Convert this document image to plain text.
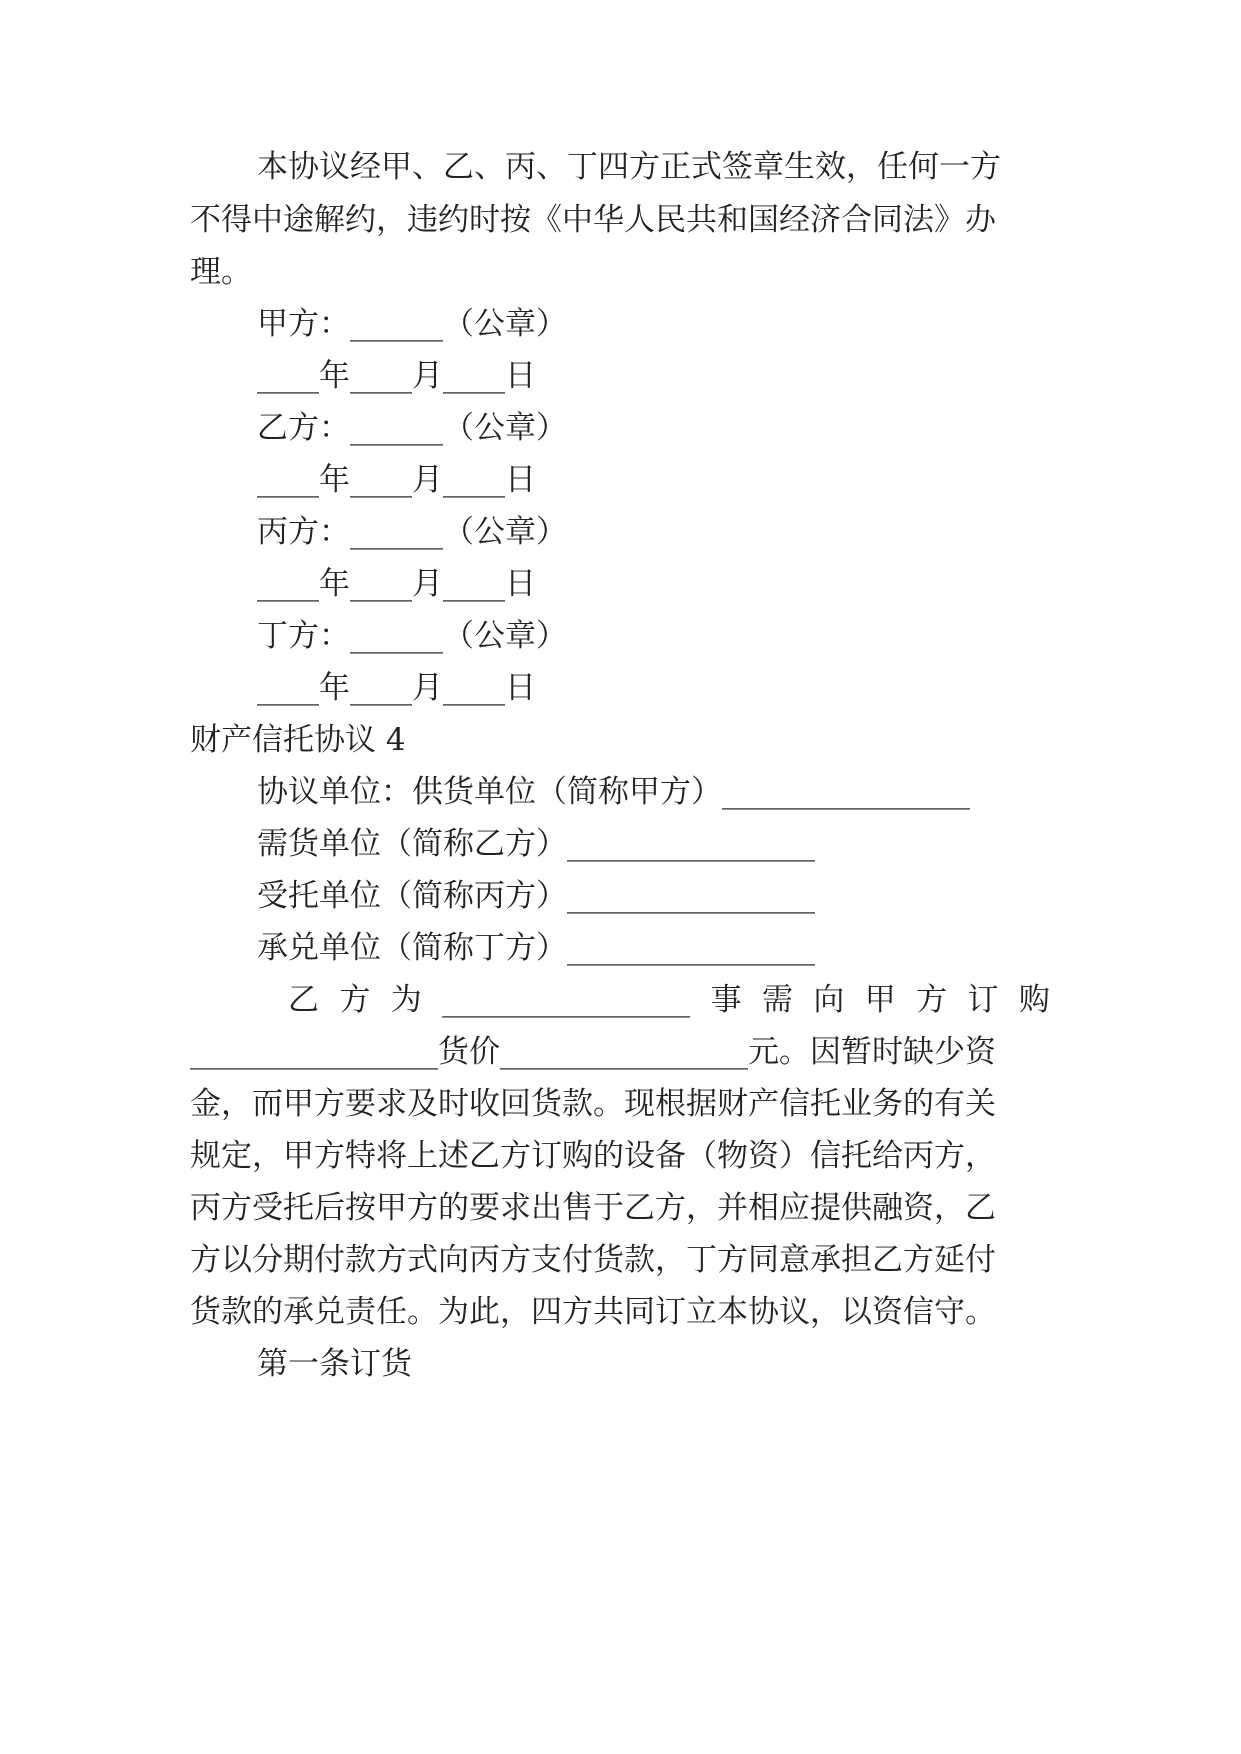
本协议经甲、乙、丙、丁四方正式签章生效，任何一方
不得中途解约，违约时按《中华人民共和国经济合同法》办
理。
甲方：______（公章）
____年____月____日
乙方：______（公章）
____年____月____日
丙方：______（公章）
____年____月____日
丁方：______（公章）
____年____月____日
财产信托协议 4
协议单位：供货单位（简称甲方）________________
需货单位（简称乙方）________________
受托单位（简称丙方）________________
承兑单位（简称丁方）________________
乙 方 为 ________________ 事 需 向 甲 方 订 购
________________货价________________元。因暂时缺少资
金，而甲方要求及时收回货款。现根据财产信托业务的有关
规定，甲方特将上述乙方订购的设备（物资）信托给丙方，
丙方受托后按甲方的要求出售于乙方，并相应提供融资，乙
方以分期付款方式向丙方支付货款，丁方同意承担乙方延付
货款的承兑责任。为此，四方共同订立本协议，以资信守。
第一条订货
